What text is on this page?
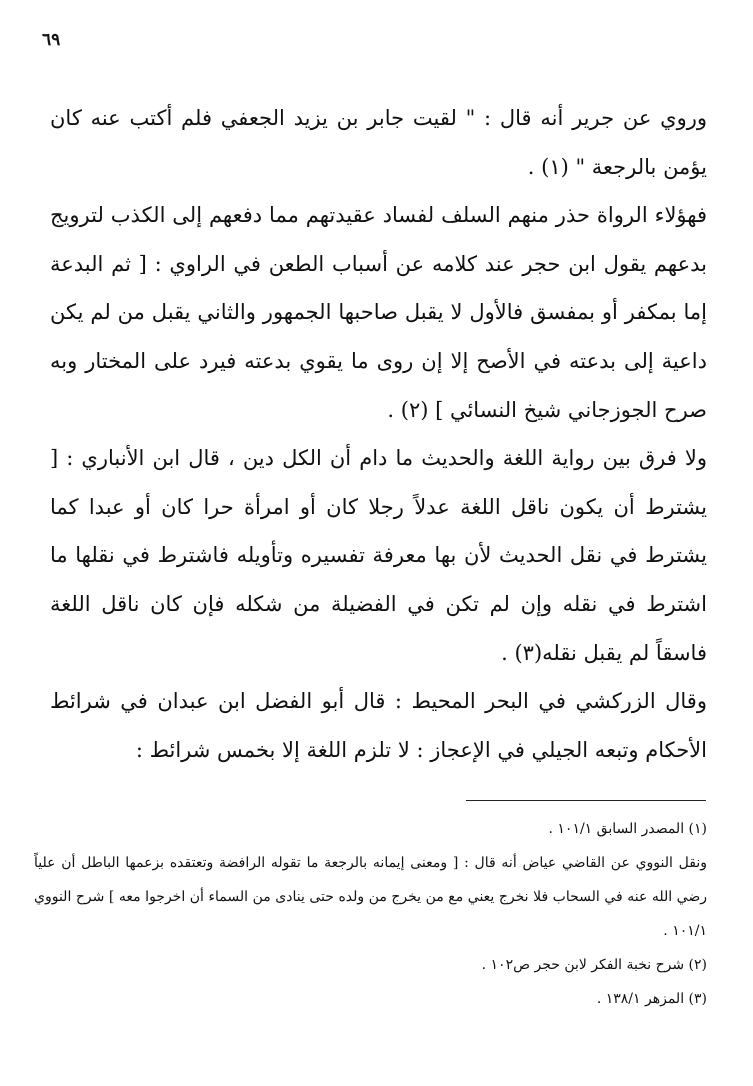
٦٩

وروي عن جرير أنه قال : " لقيت جابر بن يزيد الجعفي فلم أكتب عنه كان يؤمن بالرجعة " (١) .

فهؤلاء الرواة حذر منهم السلف لفساد عقيدتهم مما دفعهم إلى الكذب لترويج بدعهم يقول ابن حجر عند كلامه عن أسباب الطعن في الراوي : [ ثم البدعة إما بمكفر أو بمفسق فالأول لا يقبل صاحبها الجمهور والثاني يقبل من لم يكن داعية إلى بدعته في الأصح إلا إن روى ما يقوي بدعته فيرد على المختار وبه صرح الجوزجاني شيخ النسائي ] (٢) .

ولا فرق بين رواية اللغة والحديث ما دام أن الكل دين ، قال ابن الأنباري : [ يشترط أن يكون ناقل اللغة عدلاً رجلا كان أو امرأة حرا كان أو عبدا كما يشترط في نقل الحديث لأن بها معرفة تفسيره وتأويله فاشترط في نقلها ما اشترط في نقله وإن لم تكن في الفضيلة من شكله فإن كان ناقل اللغة فاسقاً لم يقبل نقله(٣) .

وقال الزركشي في البحر المحيط : قال أبو الفضل ابن عبدان في شرائط الأحكام وتبعه الجيلي في الإعجاز : لا تلزم اللغة إلا بخمس شرائط :

(١) المصدر السابق ١٠١/١ .

ونقل النووي عن القاضي عياض أنه قال : [ ومعنى إيمانه بالرجعة ما تقوله الرافضة وتعتقده بزعمها الباطل أن علياً رضي الله عنه في السحاب فلا نخرج يعني مع من يخرج من ولده حتى ينادى من السماء أن اخرجوا معه ] شرح النووي ١٠١/١ .

(٢) شرح نخبة الفكر لابن حجر ص١٠٢ .

(٣) المزهر ١٣٨/١ .
